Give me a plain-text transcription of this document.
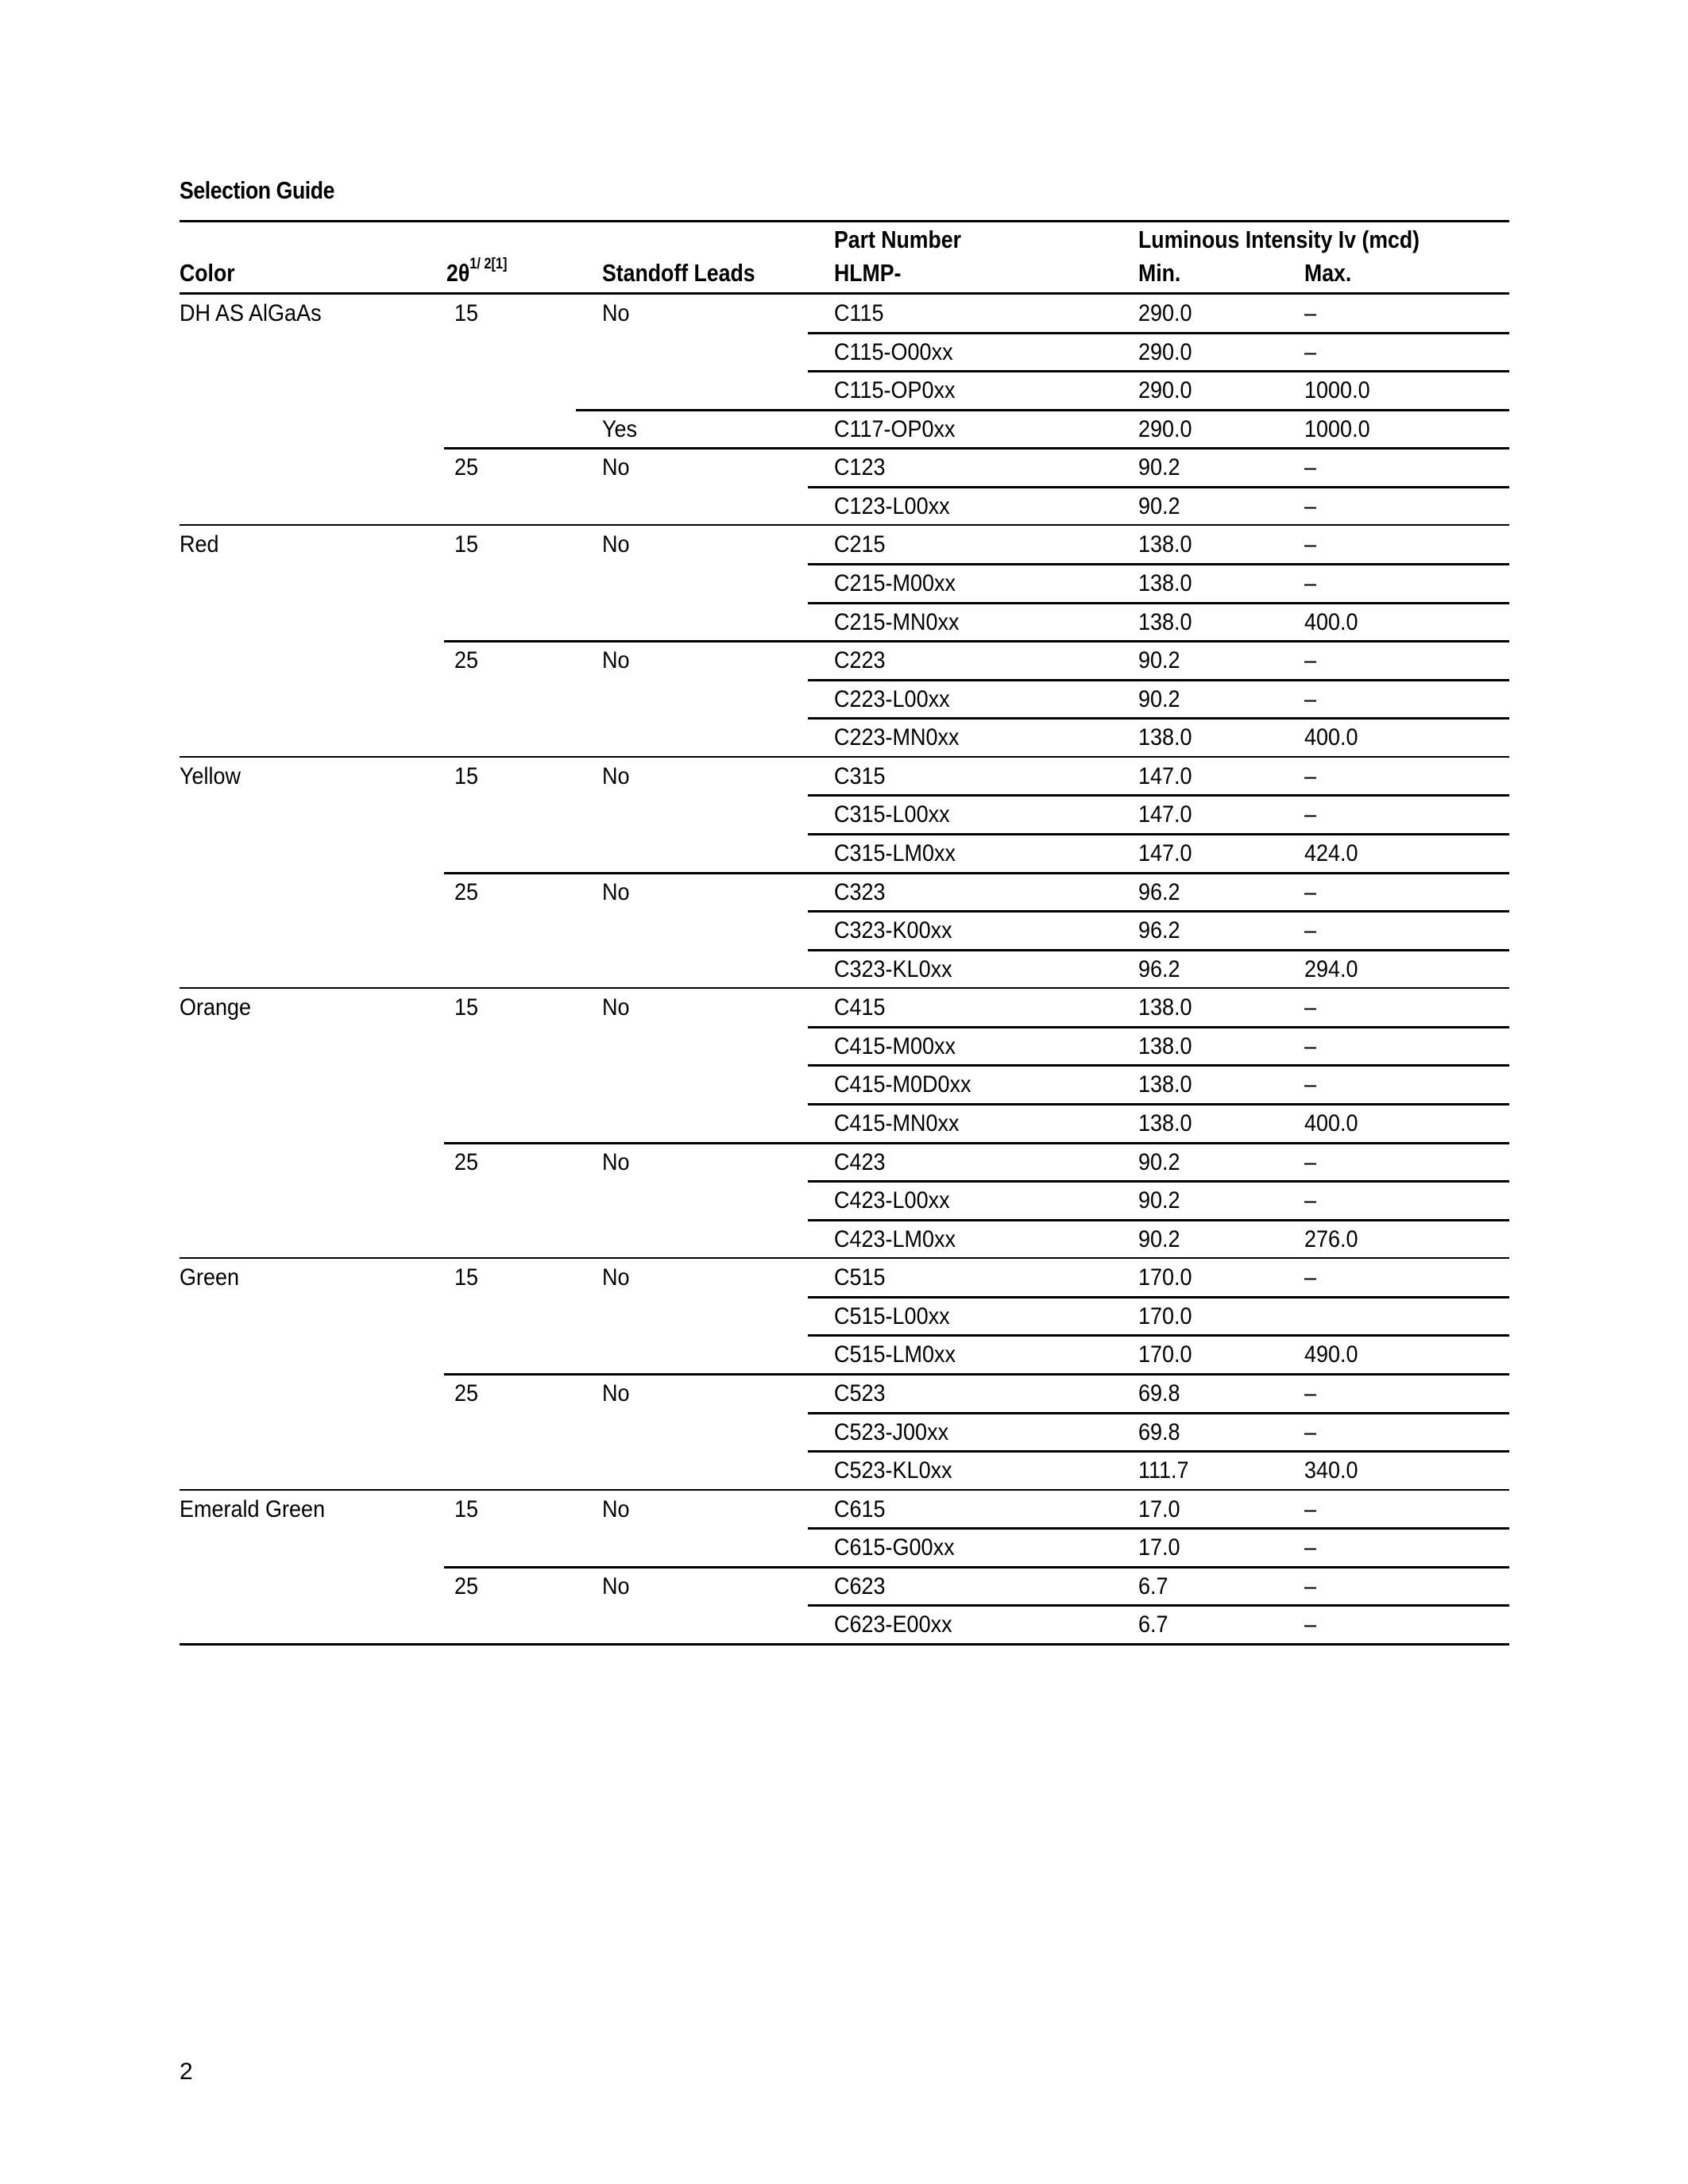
Selection Guide
Part Number	Luminous Intensity Iv (mcd)
Color	$2\theta^{1/ 2[1]}$	Standoff Leads	HLMP-	Min.	Max.
DH AS AlGaAs	15	No	C115	290.0	–
C115-O00xx	290.0	–
C115-OP0xx	290.0	1000.0
Yes	C117-OP0xx	290.0	1000.0
25	No	C123	90.2	–
C123-L00xx	90.2	–
Red	15	No	C215	138.0	–
C215-M00xx	138.0	–
C215-MN0xx	138.0	400.0
25	No	C223	90.2	–
C223-L00xx	90.2	–
C223-MN0xx	138.0	400.0
Yellow	15	No	C315	147.0	–
C315-L00xx	147.0	–
C315-LM0xx	147.0	424.0
25	No	C323	96.2	–
C323-K00xx	96.2	–
C323-KL0xx	96.2	294.0
Orange	15	No	C415	138.0	–
C415-M00xx	138.0	–
C415-M0D0xx	138.0	–
C415-MN0xx	138.0	400.0
25	No	C423	90.2	–
C423-L00xx	90.2	–
C423-LM0xx	90.2	276.0
Green	15	No	C515	170.0	–
C515-L00xx	170.0
C515-LM0xx	170.0	490.0
25	No	C523	69.8	–
C523-J00xx	69.8	–
C523-KL0xx	111.7	340.0
Emerald Green	15	No	C615	17.0	–
C615-G00xx	17.0	–
25	No	C623	6.7	–
C623-E00xx	6.7	–
2
